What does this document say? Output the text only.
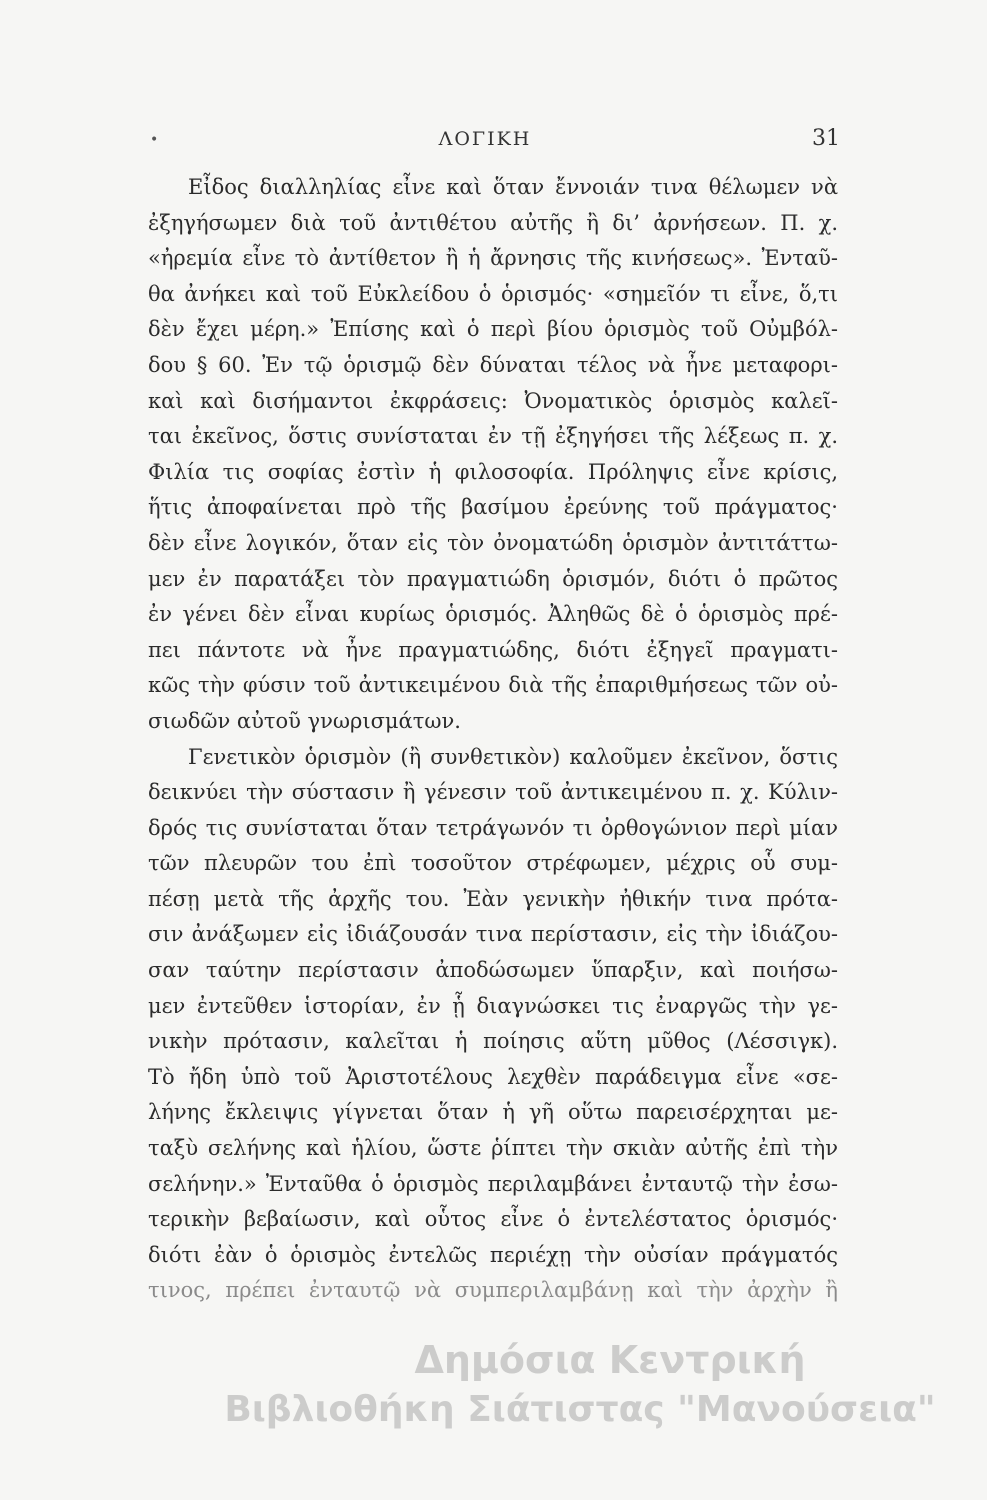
•	ΛΟΓΙΚΗ	31
Εἶδος διαλληλίας εἶνε καὶ ὅταν ἔννοιάν τινα θέλωμεν νὰ
ἐξηγήσωμεν διὰ τοῦ ἀντιθέτου αὐτῆς ἢ δι’ ἀρνήσεων. Π. χ.
«ἠρεμία εἶνε τὸ ἀντίθετον ἢ ἡ ἄρνησις τῆς κινήσεως». Ἐνταῦ-
θα ἀνήκει καὶ τοῦ Εὐκλείδου ὁ ὁρισμός· «σημεῖόν τι εἶνε, ὅ,τι
δὲν ἔχει μέρη.» Ἐπίσης καὶ ὁ περὶ βίου ὁρισμὸς τοῦ Οὐμβόλ-
δου § 60. Ἐν τῷ ὁρισμῷ δὲν δύναται τέλος νὰ ἦνε μεταφορι-
καὶ καὶ δισήμαντοι ἐκφράσεις: Ὀνοματικὸς ὁρισμὸς καλεῖ-
ται ἐκεῖνος, ὅστις συνίσταται ἐν τῇ ἐξηγήσει τῆς λέξεως π. χ.
Φιλία τις σοφίας ἐστὶν ἡ φιλοσοφία. Πρόληψις εἶνε κρίσις,
ἥτις ἀποφαίνεται πρὸ τῆς βασίμου ἐρεύνης τοῦ πράγματος·
δὲν εἶνε λογικόν, ὅταν εἰς τὸν ὀνοματώδη ὁρισμὸν ἀντιτάττω-
μεν ἐν παρατάξει τὸν πραγματιώδη ὁρισμόν, διότι ὁ πρῶτος
ἐν γένει δὲν εἶναι κυρίως ὁρισμός. Ἀληθῶς δὲ ὁ ὁρισμὸς πρέ-
πει πάντοτε νὰ ἦνε πραγματιώδης, διότι ἐξηγεῖ πραγματι-
κῶς τὴν φύσιν τοῦ ἀντικειμένου διὰ τῆς ἐπαριθμήσεως τῶν οὐ-
σιωδῶν αὐτοῦ γνωρισμάτων.
Γενετικὸν ὁρισμὸν (ἢ συνθετικὸν) καλοῦμεν ἐκεῖνον, ὅστις
δεικνύει τὴν σύστασιν ἢ γένεσιν τοῦ ἀντικειμένου π. χ. Κύλιν-
δρός τις συνίσταται ὅταν τετράγωνόν τι ὀρθογώνιον περὶ μίαν
τῶν πλευρῶν του ἐπὶ τοσοῦτον στρέφωμεν, μέχρις οὗ συμ-
πέσῃ μετὰ τῆς ἀρχῆς του. Ἐὰν γενικὴν ἠθικήν τινα πρότα-
σιν ἀνάξωμεν εἰς ἰδιάζουσάν τινα περίστασιν, εἰς τὴν ἰδιάζου-
σαν ταύτην περίστασιν ἀποδώσωμεν ὕπαρξιν, καὶ ποιήσω-
μεν ἐντεῦθεν ἱστορίαν, ἐν ᾗ διαγνώσκει τις ἐναργῶς τὴν γε-
νικὴν πρότασιν, καλεῖται ἡ ποίησις αὕτη μῦθος (Λέσσιγκ).
Τὸ ἤδη ὑπὸ τοῦ Ἀριστοτέλους λεχθὲν παράδειγμα εἶνε «σε-
λήνης ἔκλειψις γίγνεται ὅταν ἡ γῆ οὕτω παρεισέρχηται με-
ταξὺ σελήνης καὶ ἡλίου, ὥστε ῥίπτει τὴν σκιὰν αὐτῆς ἐπὶ τὴν
σελήνην.» Ἐνταῦθα ὁ ὁρισμὸς περιλαμβάνει ἐνταυτῷ τὴν ἐσω-
τερικὴν βεβαίωσιν, καὶ οὗτος εἶνε ὁ ἐντελέστατος ὁρισμός·
διότι ἐὰν ὁ ὁρισμὸς ἐντελῶς περιέχῃ τὴν οὐσίαν πράγματός
τινος, πρέπει ἐνταυτῷ νὰ συμπεριλαμβάνῃ καὶ τὴν ἀρχὴν ἢ
Δημόσια Κεντρική
Βιβλιοθήκη Σιάτιστας "Μανούσεια"
